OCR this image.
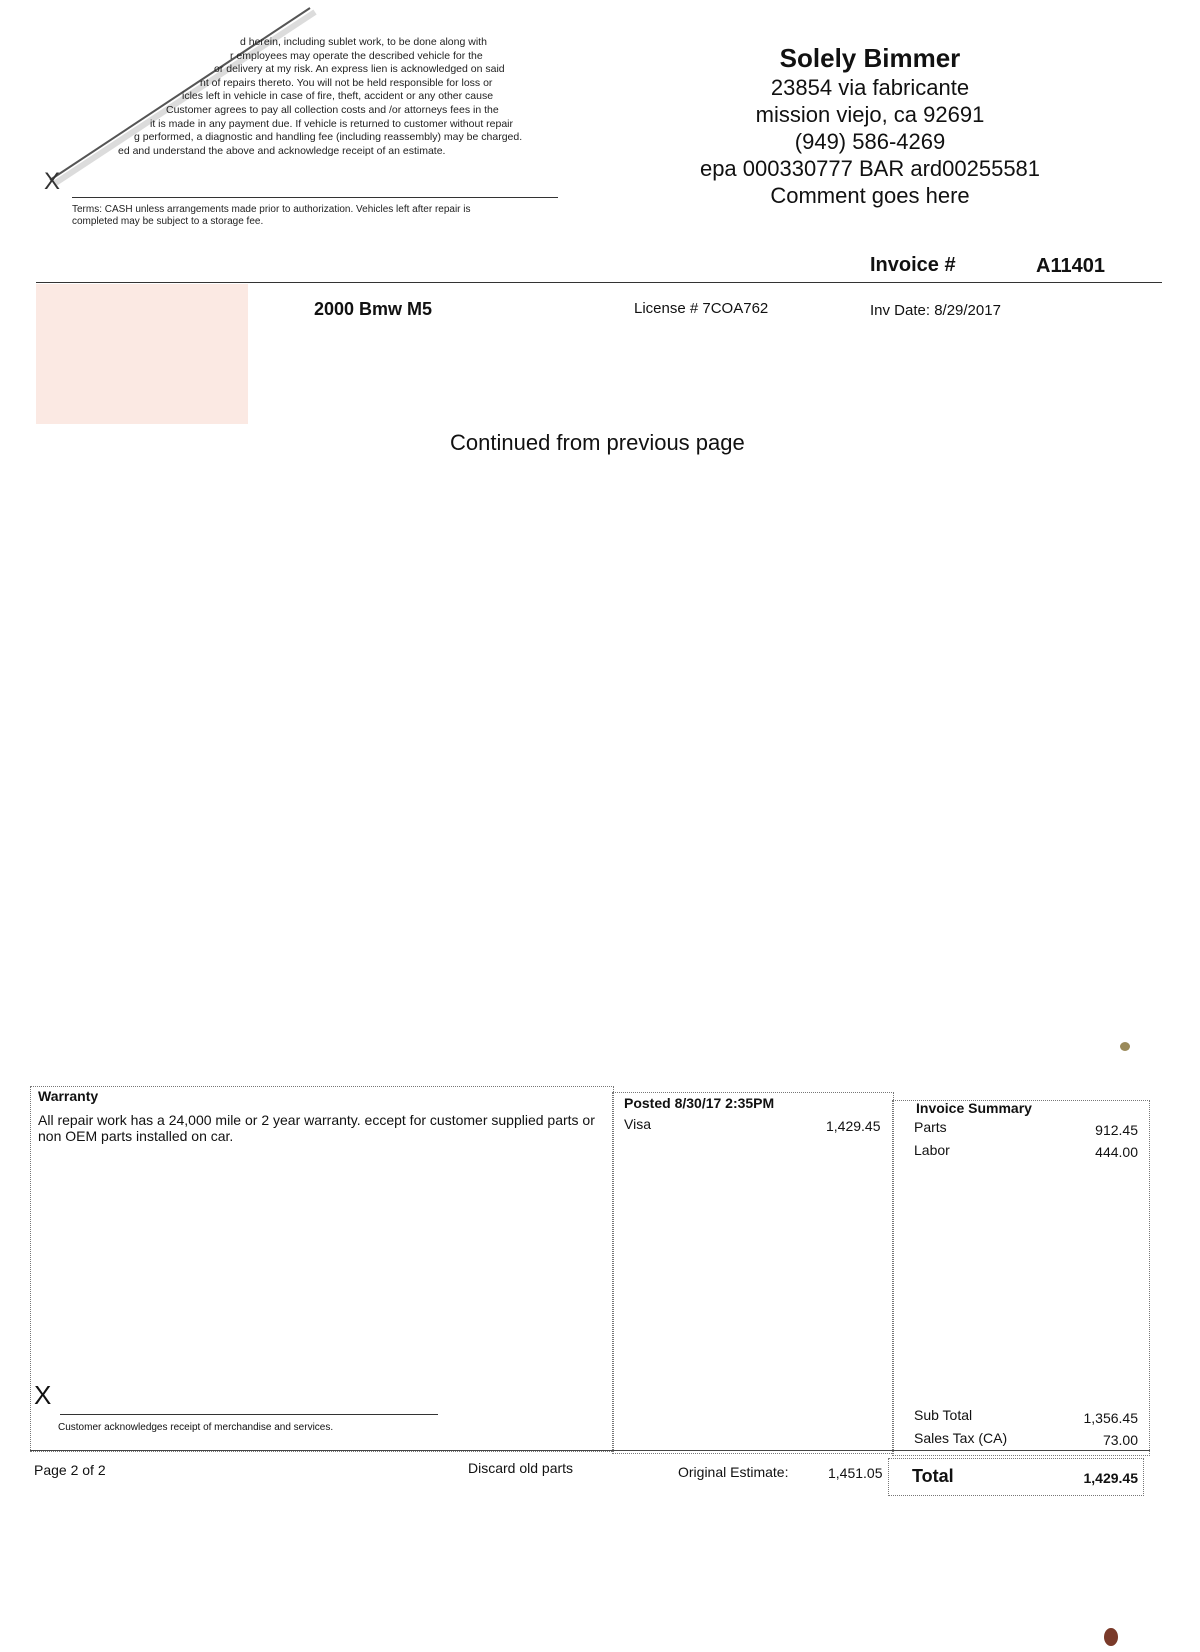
d herein, including sublet work, to be done along with
r employees may operate the described vehicle for the
or delivery at my risk. An express lien is acknowledged on said
nt of repairs thereto. You will not be held responsible for loss or
icles left in vehicle in case of fire, theft, accident or any other cause
Customer agrees to pay all collection costs and /or attorneys fees in the
it is made in any payment due. If vehicle is returned to customer without repair
g performed, a diagnostic and handling fee (including reassembly) may be charged.
ed and understand the above and acknowledge receipt of an estimate.
X
Terms: CASH unless arrangements made prior to authorization. Vehicles left after repair is
completed may be subject to a storage fee.
Solely Bimmer
23854 via fabricante
mission viejo, ca 92691
(949) 586-4269
epa 000330777 BAR ard00255581
Comment goes here
Invoice #	A11401
2000 Bmw M5	License # 7COA762	Inv Date: 8/29/2017
Continued from previous page
Warranty
All repair work has a 24,000 mile or 2 year warranty. eccept for customer supplied parts or non OEM parts installed on car.
X
Customer acknowledges receipt of merchandise and services.
Posted 8/30/17 2:35PM
Visa	1,429.45
Invoice Summary
Parts	912.45
Labor	444.00
Sub Total	1,356.45
Sales Tax (CA)	73.00
Page 2 of 2	Discard old parts	Original Estimate:	1,451.05 Total	1,429.45
